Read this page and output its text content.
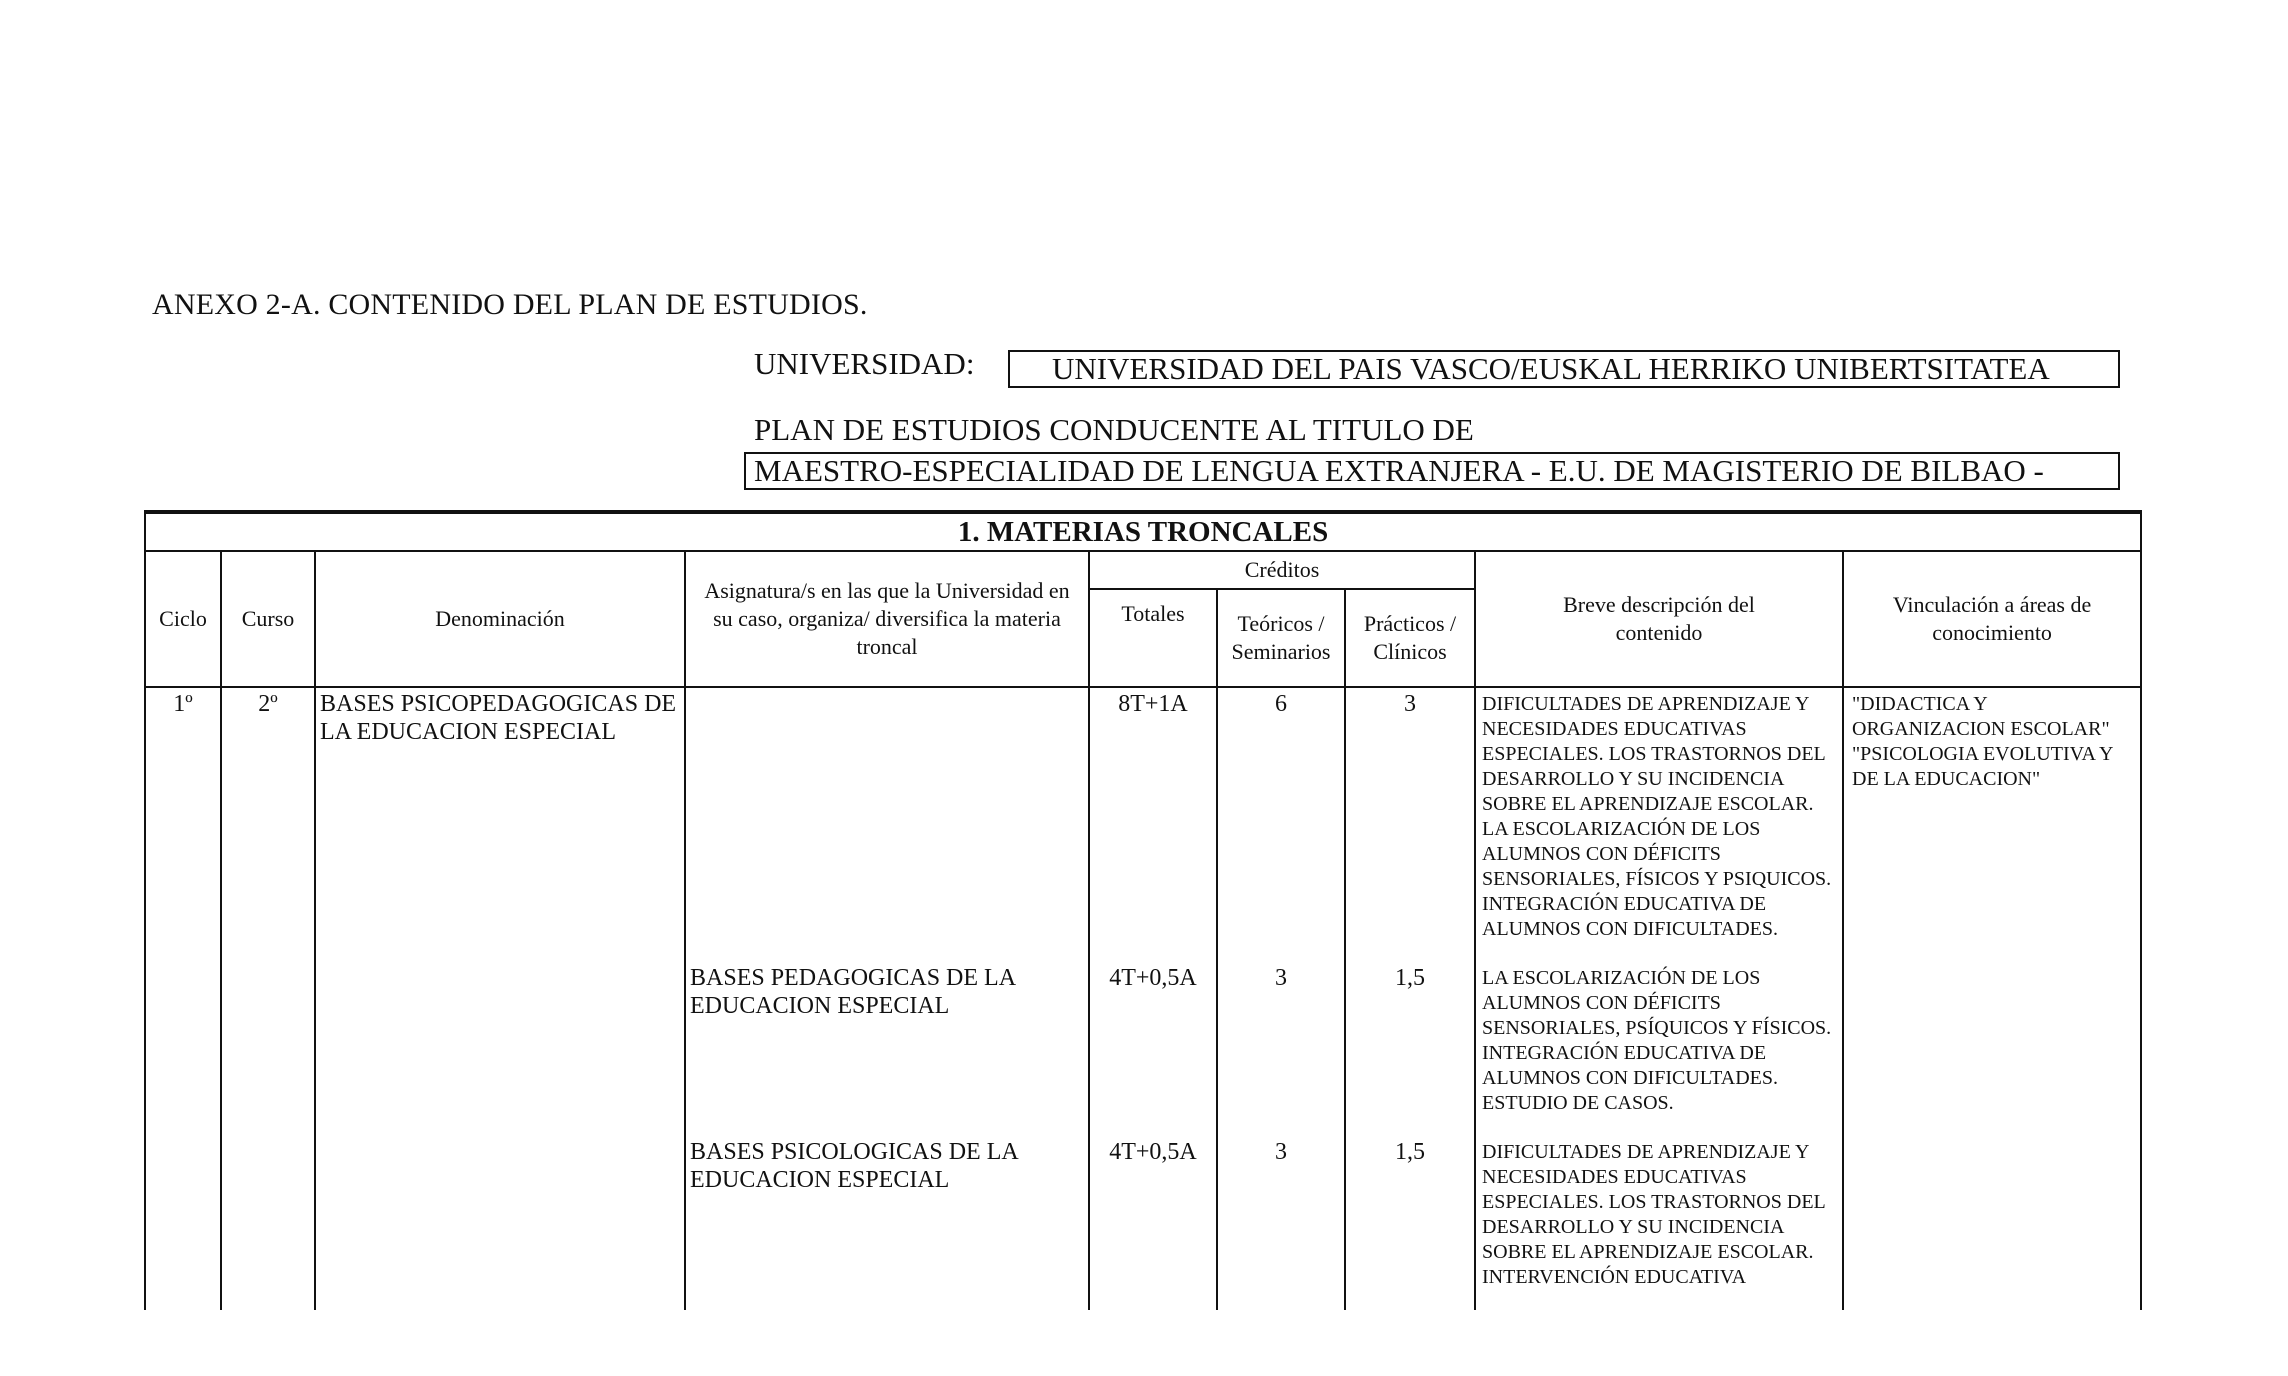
ANEXO 2-A. CONTENIDO DEL PLAN DE ESTUDIOS.
UNIVERSIDAD:	UNIVERSIDAD DEL PAIS VASCO/EUSKAL HERRIKO UNIBERTSITATEA
PLAN DE ESTUDIOS CONDUCENTE AL TITULO DE
MAESTRO-ESPECIALIDAD DE LENGUA EXTRANJERA - E.U. DE MAGISTERIO DE BILBAO -
1. MATERIAS TRONCALES								
Ciclo	Curso	Denominación	Asignatura/s en las que la Universidad en su caso, organiza/ diversifica la materia troncal	Créditos			Breve descripción del contenido	Vinculación a áreas de conocimiento
				Totales	Teóricos / Seminarios	Prácticos / Clínicos		
1º	2º	BASES PSICOPEDAGOGICAS DE LA EDUCACION ESPECIAL		8T+1A	6	3	DIFICULTADES DE APRENDIZAJE Y NECESIDADES EDUCATIVAS ESPECIALES. LOS TRASTORNOS DEL DESARROLLO Y SU INCIDENCIA SOBRE EL APRENDIZAJE ESCOLAR. LA ESCOLARIZACIÓN DE LOS ALUMNOS CON DÉFICITS SENSORIALES, FÍSICOS Y PSIQUICOS. INTEGRACIÓN EDUCATIVA DE ALUMNOS CON DIFICULTADES.	"DIDACTICA Y ORGANIZACION ESCOLAR" "PSICOLOGIA EVOLUTIVA Y DE LA EDUCACION"
			BASES PEDAGOGICAS DE LA EDUCACION ESPECIAL	4T+0,5A	3	1,5	LA ESCOLARIZACIÓN DE LOS ALUMNOS CON DÉFICITS SENSORIALES, PSÍQUICOS Y FÍSICOS. INTEGRACIÓN EDUCATIVA DE ALUMNOS CON DIFICULTADES. ESTUDIO DE CASOS.	
			BASES PSICOLOGICAS DE LA EDUCACION ESPECIAL	4T+0,5A	3	1,5	DIFICULTADES DE APRENDIZAJE Y NECESIDADES EDUCATIVAS ESPECIALES. LOS TRASTORNOS DEL DESARROLLO Y SU INCIDENCIA SOBRE EL APRENDIZAJE ESCOLAR. INTERVENCIÓN EDUCATIVA	
